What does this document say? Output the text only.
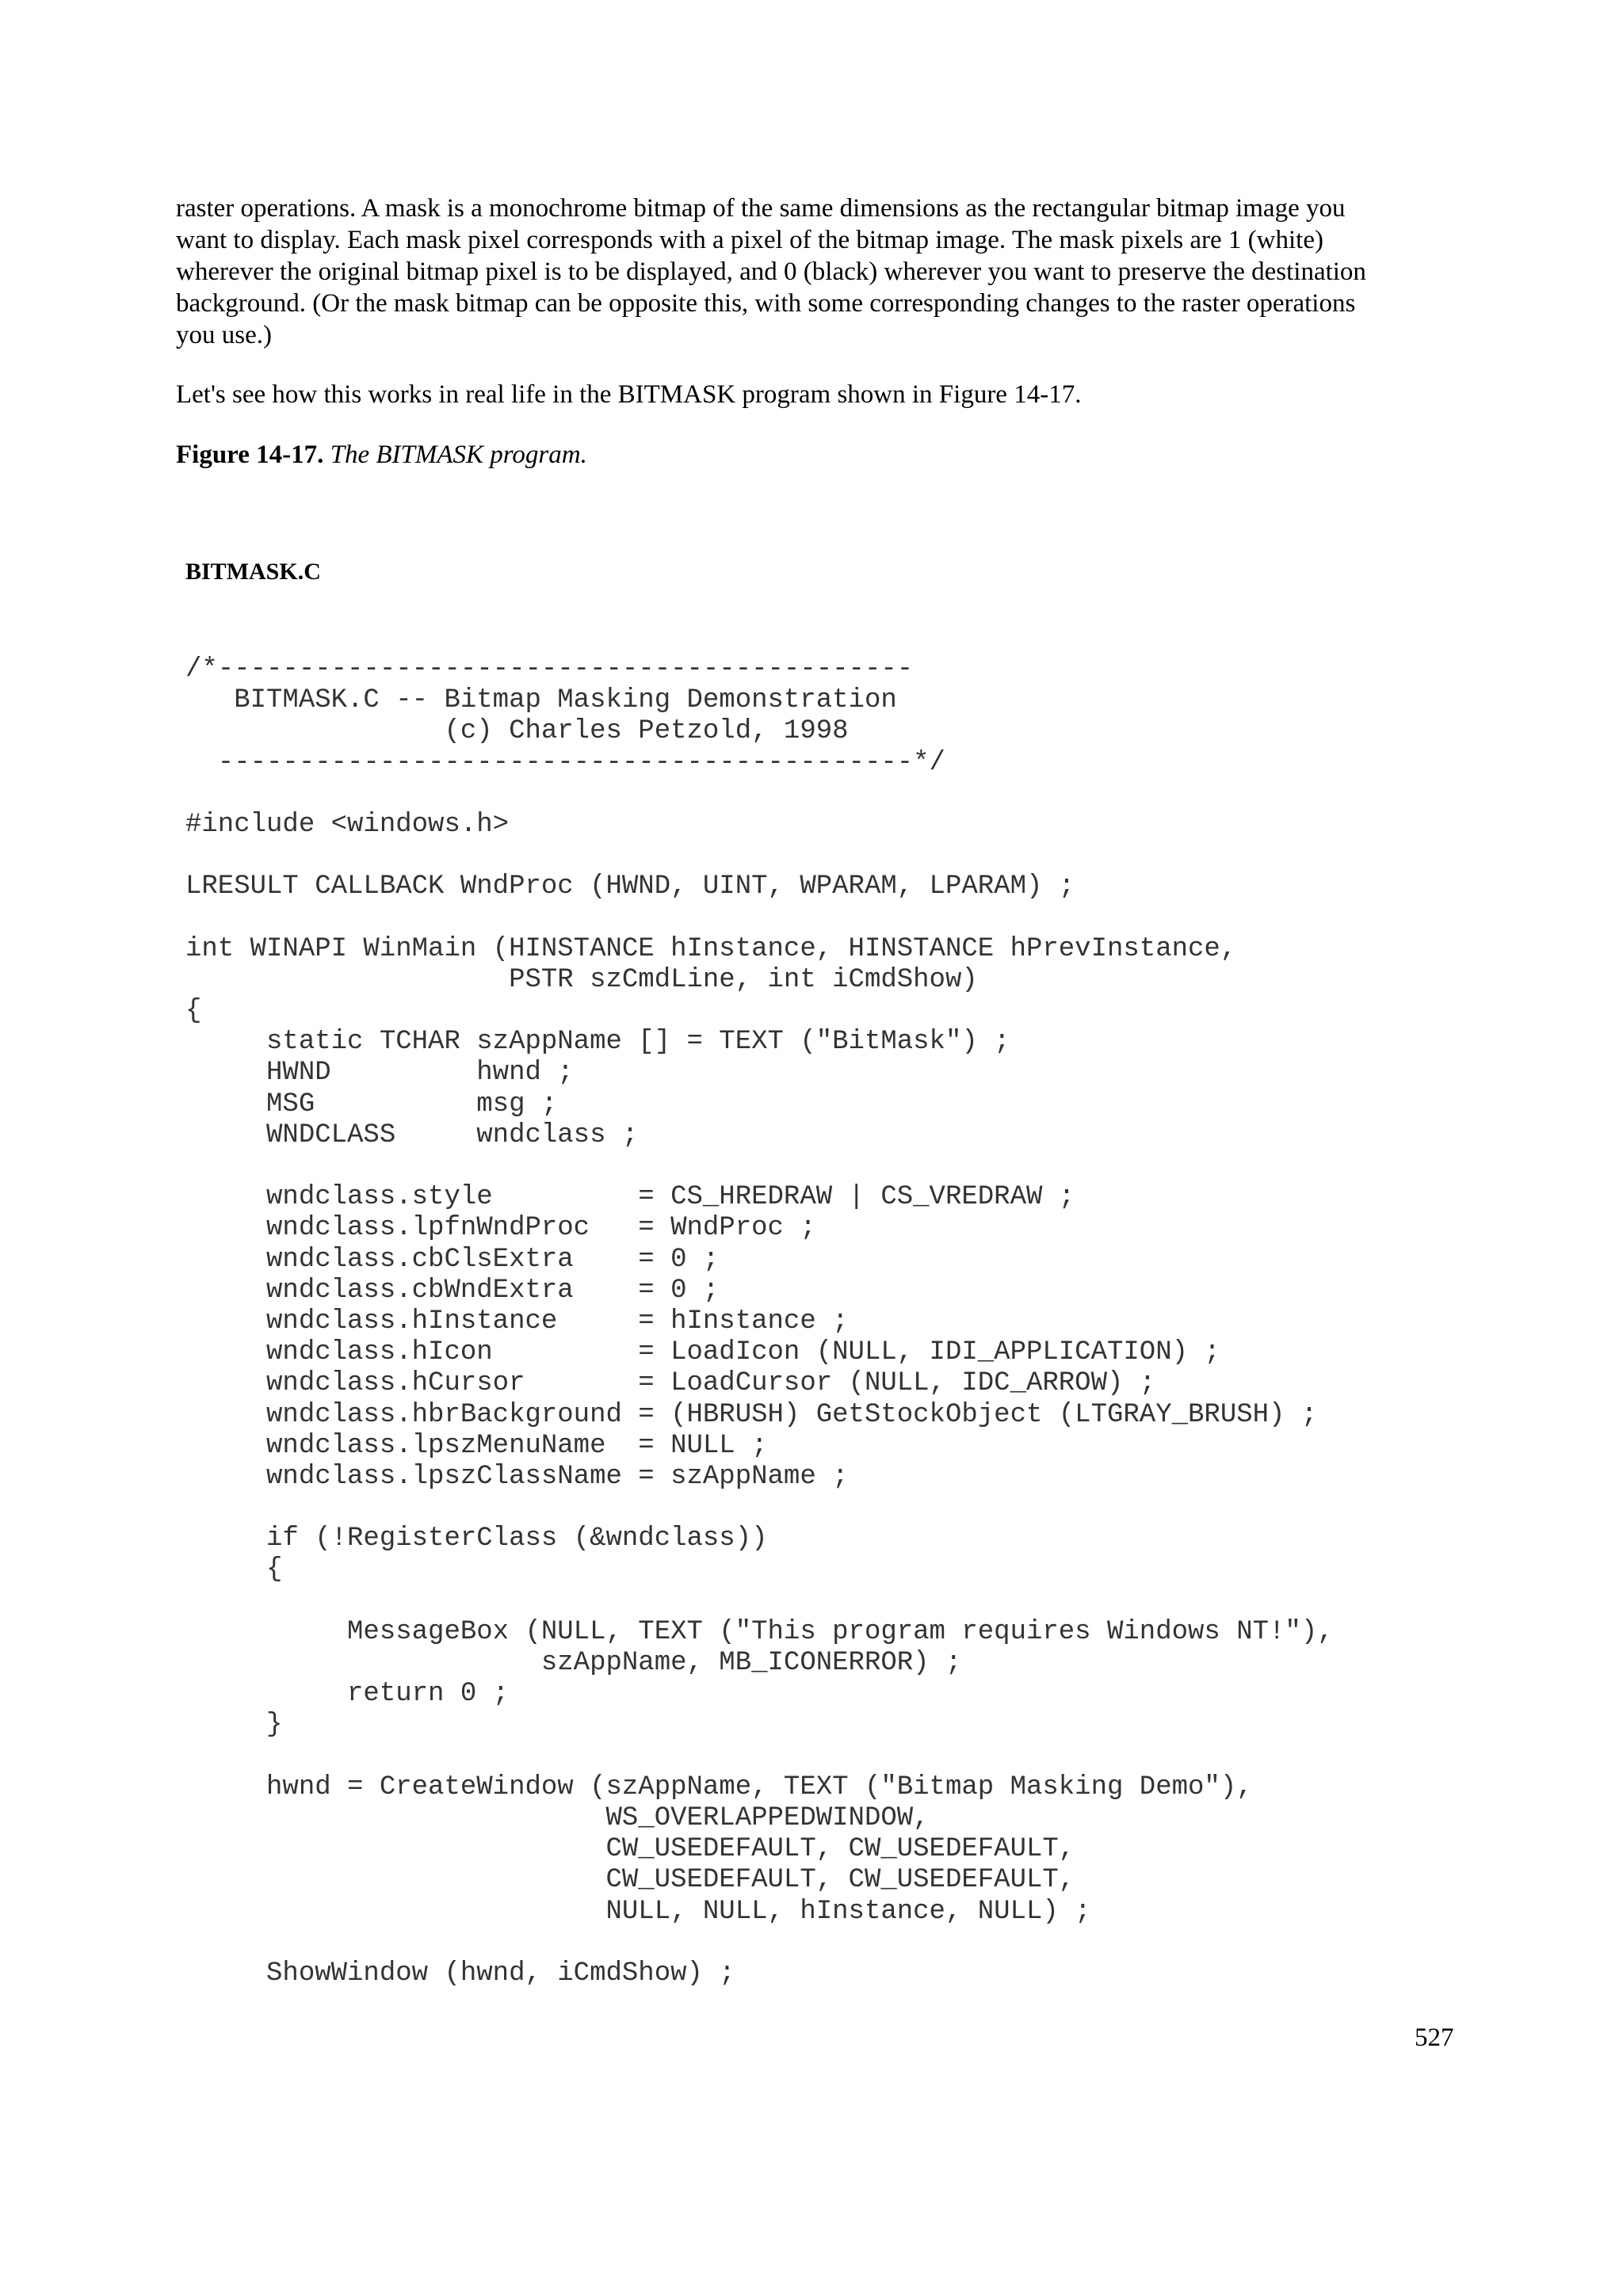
raster operations. A mask is a monochrome bitmap of the same dimensions as the rectangular bitmap image you
want to display. Each mask pixel corresponds with a pixel of the bitmap image. The mask pixels are 1 (white)
wherever the original bitmap pixel is to be displayed, and 0 (black) wherever you want to preserve the destination
background. (Or the mask bitmap can be opposite this, with some corresponding changes to the raster operations
you use.)

Let's see how this works in real life in the BITMASK program shown in Figure 14-17.

Figure 14-17. The BITMASK program.

BITMASK.C

/*-------------------------------------------
BITMASK.C -- Bitmap Masking Demonstration
(c) Charles Petzold, 1998
-------------------------------------------*/
#include <windows.h>
LRESULT CALLBACK WndProc (HWND, UINT, WPARAM, LPARAM) ;
int WINAPI WinMain (HINSTANCE hInstance, HINSTANCE hPrevInstance,
PSTR szCmdLine, int iCmdShow)
{
static TCHAR szAppName [] = TEXT ("BitMask") ;
HWND         hwnd ;
MSG          msg ;
WNDCLASS     wndclass ;
wndclass.style         = CS_HREDRAW | CS_VREDRAW ;
wndclass.lpfnWndProc   = WndProc ;
wndclass.cbClsExtra    = 0 ;
wndclass.cbWndExtra    = 0 ;
wndclass.hInstance     = hInstance ;
wndclass.hIcon         = LoadIcon (NULL, IDI_APPLICATION) ;
wndclass.hCursor       = LoadCursor (NULL, IDC_ARROW) ;
wndclass.hbrBackground = (HBRUSH) GetStockObject (LTGRAY_BRUSH) ;
wndclass.lpszMenuName  = NULL ;
wndclass.lpszClassName = szAppName ;
if (!RegisterClass (&wndclass))
{
MessageBox (NULL, TEXT ("This program requires Windows NT!"),
szAppName, MB_ICONERROR) ;
return 0 ;
}
hwnd = CreateWindow (szAppName, TEXT ("Bitmap Masking Demo"),
WS_OVERLAPPEDWINDOW,
CW_USEDEFAULT, CW_USEDEFAULT,
CW_USEDEFAULT, CW_USEDEFAULT,
NULL, NULL, hInstance, NULL) ;
ShowWindow (hwnd, iCmdShow) ;

527
